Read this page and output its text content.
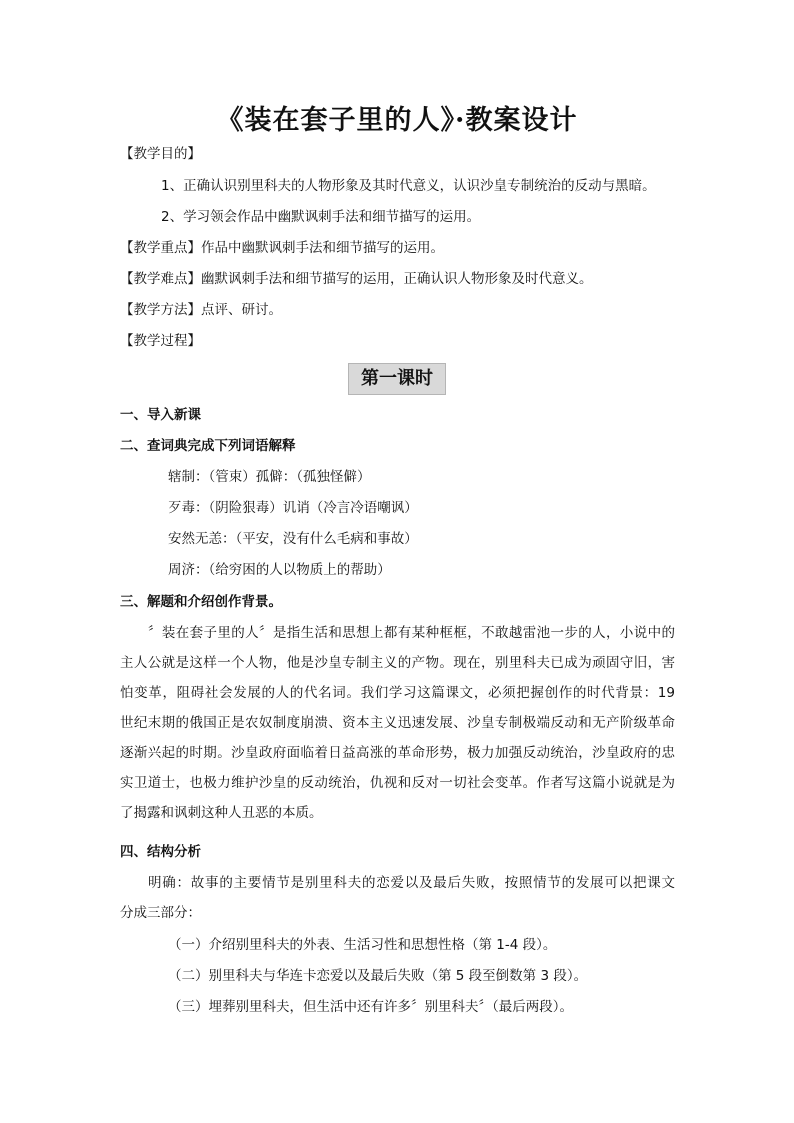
《装在套子里的人》·教案设计
【教学目的】
1、正确认识别里科夫的人物形象及其时代意义，认识沙皇专制统治的反动与黑暗。
2、学习领会作品中幽默讽刺手法和细节描写的运用。
【教学重点】作品中幽默讽刺手法和细节描写的运用。
【教学难点】幽默讽刺手法和细节描写的运用，正确认识人物形象及时代意义。
【教学方法】点评、研讨。
【教学过程】
第一课时
一、导入新课
二、查词典完成下列词语解释
辖制：（管束）孤僻：（孤独怪僻）
歹毒：（阴险狠毒）讥诮（冷言冷语嘲讽）
安然无恙：（平安，没有什么毛病和事故）
周济：（给穷困的人以物质上的帮助）
三、解题和介绍创作背景。
〞装在套子里的人〞是指生活和思想上都有某种框框，不敢越雷池一步的人，小说中的
主人公就是这样一个人物，他是沙皇专制主义的产物。现在，别里科夫已成为顽固守旧，害
怕变革，阻碍社会发展的人的代名词。我们学习这篇课文，必须把握创作的时代背景：19
世纪末期的俄国正是农奴制度崩溃、资本主义迅速发展、沙皇专制极端反动和无产阶级革命
逐渐兴起的时期。沙皇政府面临着日益高涨的革命形势，极力加强反动统治，沙皇政府的忠
实卫道士，也极力维护沙皇的反动统治，仇视和反对一切社会变革。作者写这篇小说就是为
了揭露和讽刺这种人丑恶的本质。
四、结构分析
明确：故事的主要情节是别里科夫的恋爱以及最后失败，按照情节的发展可以把课文
分成三部分：
（一）介绍别里科夫的外表、生活习性和思想性格（第 1-4 段）。
（二）别里科夫与华连卡恋爱以及最后失败（第 5 段至倒数第 3 段）。
（三）埋葬别里科夫，但生活中还有许多〞别里科夫〞（最后两段）。
